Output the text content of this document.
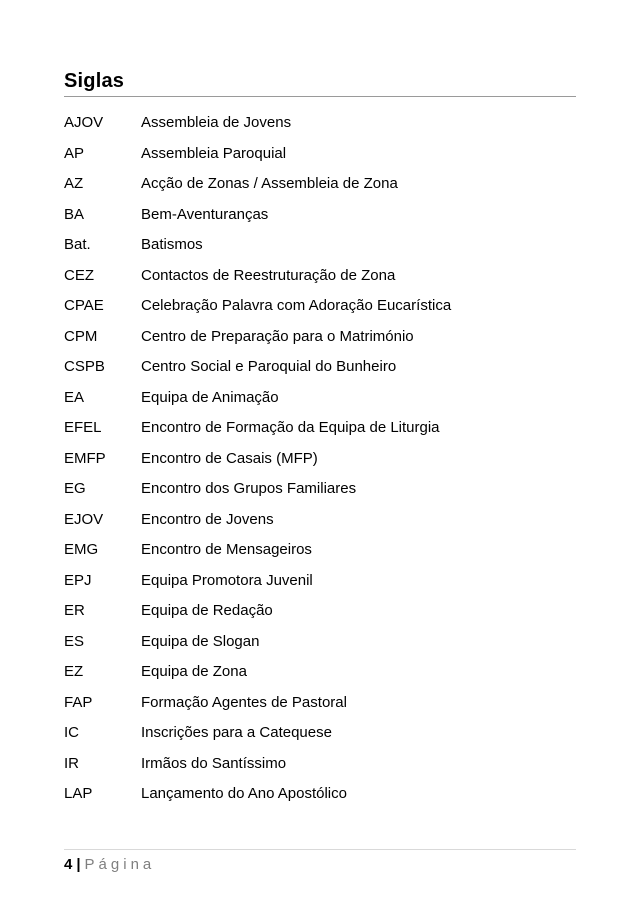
Siglas
AJOV	Assembleia de Jovens
AP	Assembleia Paroquial
AZ	Acção de Zonas / Assembleia de Zona
BA	Bem-Aventuranças
Bat.	Batismos
CEZ	Contactos de Reestruturação de Zona
CPAE Celebração Palavra com Adoração Eucarística
CPM	Centro de Preparação para o Matrimónio
CSPB Centro Social e Paroquial do Bunheiro
EA	Equipa de Animação
EFEL	Encontro de Formação da Equipa de Liturgia
EMFP Encontro de Casais (MFP)
EG	Encontro dos Grupos Familiares
EJOV	Encontro de Jovens
EMG	Encontro de Mensageiros
EPJ	Equipa Promotora Juvenil
ER	Equipa de Redação
ES	Equipa de Slogan
EZ	Equipa de Zona
FAP	Formação Agentes de Pastoral
IC	Inscrições para a Catequese
IR	Irmãos do Santíssimo
LAP	Lançamento do Ano Apostólico
4 | Página
